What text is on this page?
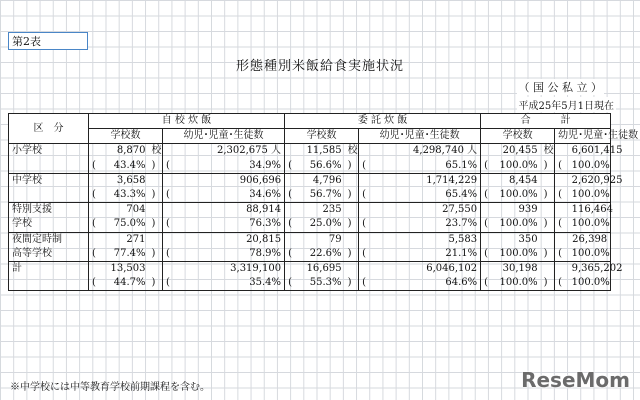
第2表
形態種別米飯給食実施状況
（ 国 公 私 立 ）
平成25年5月1日現在
区　分	自 校 炊 飯					委 託 炊 飯					合　　　計				
	学校数			幼児･児童･生徒数		学校数			幼児･児童･生徒数		学校数			幼児･児童･生徒数	
小学校		8,870	校		2,302,675 人		11,585	校		4,298,740 人		20,455	校		6,601,415
	(	43.4%	)	(	34.9%	(	56.6%	)	(	65.1%	(	100.0%	)	(	100.0%
中学校		3,658			906,696		4,796			1,714,229		8,454			2,620,925
	(	43.3%	)	(	34.6%	(	56.7%	)	(	65.4%	(	100.0%	)	(	100.0%
特別支援		704			88,914		235			27,550		939			116,464
学校	(	75.0%	)	(	76.3%	(	25.0%	)	(	23.7%	(	100.0%	)	(	100.0%
夜間定時制		271			20,815		79			5,583		350			26,398
高等学校	(	77.4%	)	(	78.9%	(	22.6%	)	(	21.1%	(	100.0%	)	(	100.0%
計		13,503			3,319,100		16,695			6,046,102		30,198			9,365,202
	(	44.7%	)	(	35.4%	(	55.3%	)	(	64.6%	(	100.0%	)	(	100.0%
※中学校には中等教育学校前期課程を含む。	ReseMom
